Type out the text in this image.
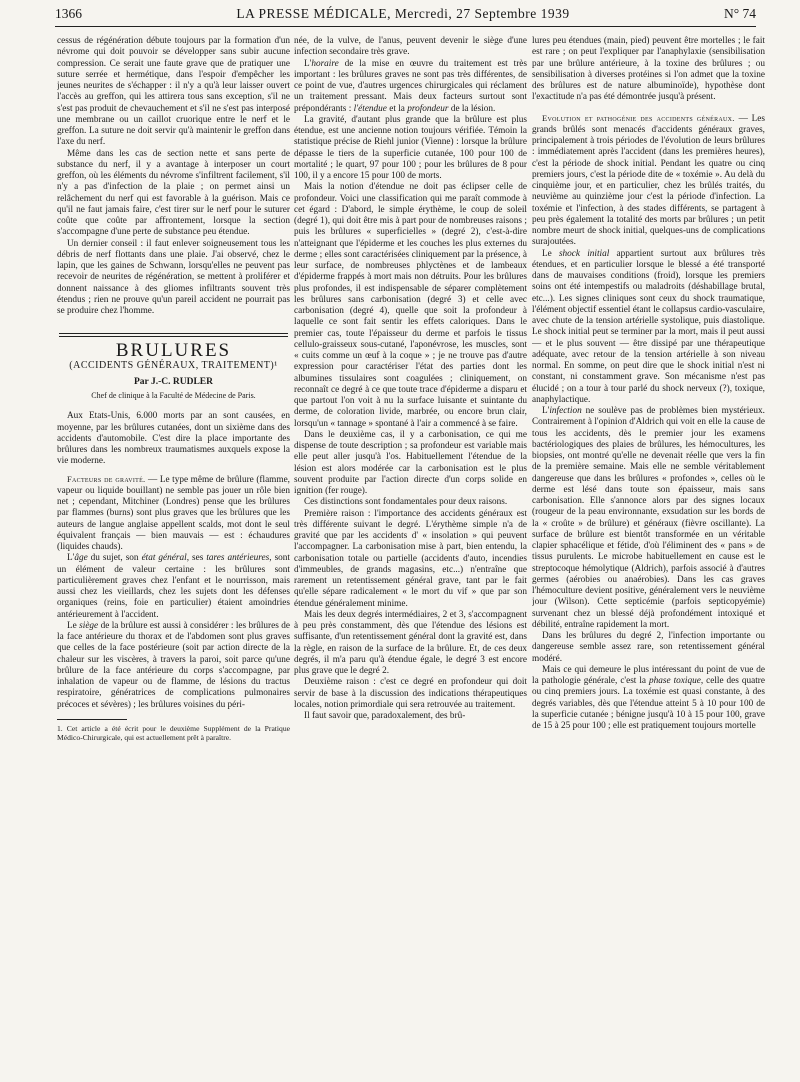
1366	LA PRESSE MÉDICALE, Mercredi, 27 Septembre 1939	N° 74

cessus de régénération débute toujours par la formation d'un névrome qui doit pouvoir se développer sans subir aucune compression. Ce serait une faute grave que de pratiquer une suture serrée et hermétique, dans l'espoir d'empêcher les jeunes neurites de s'échapper : il n'y a qu'à leur laisser ouvert l'accès au greffon, qui les attirera tous sans exception, s'il ne s'est pas produit de chevauchement et s'il ne s'est pas interposé une membrane ou un caillot cruorique entre le nerf et le greffon. La suture ne doit servir qu'à maintenir le greffon dans l'axe du nerf.

Même dans les cas de section nette et sans perte de substance du nerf, il y a avantage à interposer un court greffon, où les éléments du névrome s'infiltrent facilement, s'il n'y a pas d'infection de la plaie ; on permet ainsi un relâchement du nerf qui est favorable à la guérison. Mais ce qu'il ne faut jamais faire, c'est tirer sur le nerf pour le suturer coûte que coûte par affrontement, lorsque la section s'accompagne d'une perte de substance peu étendue.

Un dernier conseil : il faut enlever soigneusement tous les débris de nerf flottants dans une plaie. J'ai observé, chez le lapin, que les gaines de Schwann, lorsqu'elles ne peuvent pas recevoir de neurites de régénération, se mettent à proliférer et donnent naissance à des gliomes infiltrants souvent très étendus ; rien ne prouve qu'un pareil accident ne pourrait pas se produire chez l'homme.

BRULURES
(ACCIDENTS GÉNÉRAUX, TRAITEMENT)¹
Par J.-C. RUDLER
Chef de clinique à la Faculté de Médecine de Paris.

Aux Etats-Unis, 6.000 morts par an sont causées, en moyenne, par les brûlures cutanées, dont un sixième dans des accidents d'automobile. C'est dire la place importante des brûlures dans les nombreux traumatismes auxquels expose la vie moderne.

Facteurs de gravité. — Le type même de brûlure (flamme, vapeur ou liquide bouillant) ne semble pas jouer un rôle bien net ; cependant, Mitchiner (Londres) pense que les brûlures par flammes (burns) sont plus graves que les brûlures que les auteurs de langue anglaise appellent scalds, mot dont le seul équivalent français — bien mauvais — est : échaudures (liquides chauds).

L'âge du sujet, son état général, ses tares antérieures, sont un élément de valeur certaine : les brûlures sont particulièrement graves chez l'enfant et le nourrisson, mais aussi chez les vieillards, chez les sujets dont les défenses organiques (reins, foie en particulier) étaient amoindries antérieurement à l'accident.

Le siège de la brûlure est aussi à considérer : les brûlures de la face antérieure du thorax et de l'abdomen sont plus graves que celles de la face postérieure (soit par action directe de la chaleur sur les viscères, à travers la paroi, soit parce qu'une brûlure de la face antérieure du corps s'accompagne, par inhalation de vapeur ou de flamme, de lésions du tractus respiratoire, génératrices de complications pulmonaires précoces et sévères) ; les brûlures voisines du péri-

1. Cet article a été écrit pour le deuxième Supplément de la Pratique Médico-Chirurgicale, qui est actuellement prêt à paraître.

née, de la vulve, de l'anus, peuvent devenir le siège d'une infection secondaire très grave.

L'horaire de la mise en œuvre du traitement est très important : les brûlures graves ne sont pas très différentes, de ce point de vue, d'autres urgences chirurgicales qui réclament un traitement pressant. Mais deux facteurs surtout sont prépondérants : l'étendue et la profondeur de la lésion.

La gravité, d'autant plus grande que la brûlure est plus étendue, est une ancienne notion toujours vérifiée. Témoin la statistique précise de Riehl junior (Vienne) : lorsque la brûlure dépasse le tiers de la superficie cutanée, 100 pour 100 de mortalité ; le quart, 97 pour 100 ; pour les brûlures de 8 pour 100, il y a encore 15 pour 100 de morts.

Mais la notion d'étendue ne doit pas éclipser celle de profondeur. Voici une classification qui me paraît commode à cet égard : D'abord, le simple érythème, le coup de soleil (degré 1), qui doit être mis à part pour de nombreuses raisons ; puis les brûlures « superficielles » (degré 2), c'est-à-dire n'atteignant que l'épiderme et les couches les plus externes du derme ; elles sont caractérisées cliniquement par la présence, à leur surface, de nombreuses phlyctènes et de lambeaux d'épiderme frappés à mort mais non détruits. Pour les brûlures plus profondes, il est indispensable de séparer complètement les brûlures sans carbonisation (degré 3) et celle avec carbonisation (degré 4), quelle que soit la profondeur à laquelle ce sont fait sentir les effets caloriques. Dans le premier cas, toute l'épaisseur du derme et parfois le tissus cellulo-graisseux sous-cutané, l'aponévrose, les muscles, sont « cuits comme un œuf à la coque » ; je ne trouve pas d'autre expression pour caractériser l'état des parties dont les albumines tissulaires sont coagulées ; cliniquement, on reconnaît ce degré à ce que toute trace d'épiderme a disparu et que partout l'on voit à nu la surface luisante et suintante du derme, de coloration livide, marbrée, ou encore brun clair, lorsqu'un « tannage » spontané à l'air a commencé à se faire.

Dans le deuxième cas, il y a carbonisation, ce qui me dispense de toute description ; sa profondeur est variable mais elle peut aller jusqu'à l'os. Habituellement l'étendue de la lésion est alors modérée car la carbonisation est le plus souvent produite par l'action directe d'un corps solide en ignition (fer rouge).

Ces distinctions sont fondamentales pour deux raisons.

Première raison : l'importance des accidents généraux est très différente suivant le degré. L'érythème simple n'a de gravité que par les accidents d' « insolation » qui peuvent l'accompagner. La carbonisation mise à part, bien entendu, la carbonisation totale ou partielle (accidents d'auto, incendies d'immeubles, de grands magasins, etc...) n'entraîne que rarement un retentissement général grave, tant par le fait qu'elle sépare radicalement « le mort du vif » que par son étendue généralement minime.

Mais les deux degrés intermédiaires, 2 et 3, s'accompagnent à peu près constamment, dès que l'étendue des lésions est suffisante, d'un retentissement général dont la gravité est, dans la règle, en raison de la surface de la brûlure. Et, de ces deux degrés, il m'a paru qu'à étendue égale, le degré 3 est encore plus grave que le degré 2.

Deuxième raison : c'est ce degré en profondeur qui doit servir de base à la discussion des indications thérapeutiques locales, notion primordiale qui sera retrouvée au traitement.

Il faut savoir que, paradoxalement, des brû-

lures peu étendues (main, pied) peuvent être mortelles ; le fait est rare ; on peut l'expliquer par l'anaphylaxie (sensibilisation par une brûlure antérieure, à la toxine des brûlures ; ou sensibilisation à diverses protéines si l'on admet que la toxine des brûlures est de nature albuminoïde), hypothèse dont l'exactitude n'a pas été démontrée jusqu'à présent.

Evolution et pathogénie des accidents généraux. — Les grands brûlés sont menacés d'accidents généraux graves, principalement à trois périodes de l'évolution de leurs brûlures : immédiatement après l'accident (dans les premières heures), c'est la période de shock initial. Pendant les quatre ou cinq premiers jours, c'est la période dite de « toxémie ». Au delà du cinquième jour, et en particulier, chez les brûlés traités, du neuvième au quinzième jour c'est la période d'infection. La toxémie et l'infection, à des stades différents, se partagent à peu près également la totalité des morts par brûlures ; un petit nombre meurt de shock initial, quelques-uns de complications surajoutées.

Le shock initial appartient surtout aux brûlures très étendues, et en particulier lorsque le blessé a été transporté dans de mauvaises conditions (froid), lorsque les premiers soins ont été intempestifs ou maladroits (déshabillage brutal, etc...). Les signes cliniques sont ceux du shock traumatique, l'élément objectif essentiel étant le collapsus cardio-vasculaire, avec chute de la tension artérielle systolique, puis diastolique. Le shock initial peut se terminer par la mort, mais il peut aussi — et le plus souvent — être dissipé par une thérapeutique adéquate, avec retour de la tension artérielle à son niveau normal. En somme, on peut dire que le shock initial n'est ni constant, ni constamment grave. Son mécanisme n'est pas élucidé ; on a tour à tour parlé du shock nerveux (?), toxique, anaphylactique.

L'infection ne soulève pas de problèmes bien mystérieux. Contrairement à l'opinion d'Aldrich qui voit en elle la cause de tous les accidents, dès le premier jour les examens bactériologiques des plaies de brûlures, les hémocultures, les biopsies, ont montré qu'elle ne devenait réelle que vers la fin de la première semaine. Mais elle ne semble véritablement dangereuse que dans les brûlures « profondes », celles où le derme est lésé dans toute son épaisseur, mais sans carbonisation. Elle s'annonce alors par des signes locaux (rougeur de la peau environnante, exsudation sur les bords de la « croûte » de brûlure) et généraux (fièvre oscillante). La surface de brûlure est bientôt transformée en un véritable clapier sphacélique et fétide, d'où l'éliminent des « pans » de tissus purulents. Le microbe habituellement en cause est le streptocoque hémolytique (Aldrich), parfois associé à d'autres germes (aérobies ou anaérobies). Dans les cas graves l'hémoculture devient positive, généralement vers le neuvième jour (Wilson). Cette septicémie (parfois septicopyémie) survenant chez un blessé déjà profondément intoxiqué et débilité, entraîne rapidement la mort.

Dans les brûlures du degré 2, l'infection importante ou dangereuse semble assez rare, son retentissement général modéré.

Mais ce qui demeure le plus intéressant du point de vue de la pathologie générale, c'est la phase toxique, celle des quatre ou cinq premiers jours. La toxémie est quasi constante, à des degrés variables, dès que l'étendue atteint 5 à 10 pour 100 de la superficie cutanée ; bénigne jusqu'à 10 à 15 pour 100, grave de 15 à 25 pour 100 ; elle est pratiquement toujours mortelle
